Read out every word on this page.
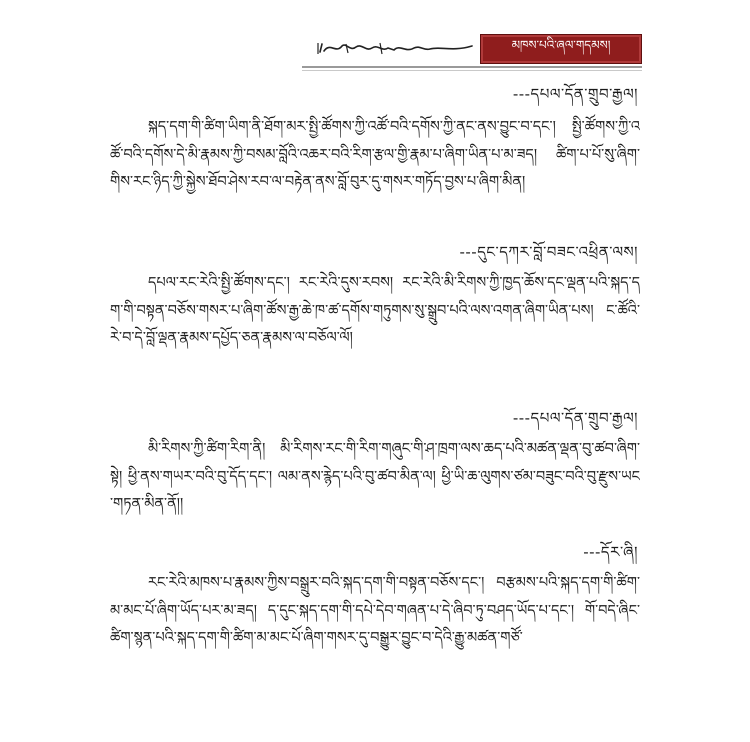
མཁས་པའི་ཞལ་གདམས།
---དཔལ་དོན་གྲུབ་རྒྱལ།
སྐད་དག་གི་ཚིག་ཡིག་ནི་ཐོག་མར་སྤྱི་ཚོགས་ཀྱི་འཚོ་བའི་དགོས་ཀྱི་ནང་ནས་བྱུང་བ་དང་། སྤྱི་ཚོགས་ཀྱི་འཚོ་བའི་དགོས་དེ་མི་རྣམས་ཀྱི་བསམ་བློའི་འཆར་བའི་རིག་རྩལ་གྱི་རྣམ་པ་ཞིག་ཡིན་པ་མ་ཟད། ཚིག་པ་པོ་སུ་ཞིག་གིས་རང་ཉིད་ཀྱི་སྐྱེས་ཐོབ་ཤེས་རབ་ལ་བརྟེན་ནས་བློ་བུར་དུ་གསར་གཏོད་བྱས་པ་ཞིག་མིན།
---དུང་དཀར་བློ་བཟང་འཕྲིན་ལས།
དཔལ་རང་རེའི་སྤྱི་ཚོགས་དང་། རང་རེའི་དུས་རབས། རང་རེའི་མི་རིགས་ཀྱི་ཁྱད་ཆོས་དང་ལྡན་པའི་སྐད་དག་གི་བསྟན་བཅོས་གསར་པ་ཞིག་ཚོས་རྒྱ་ཆེ་ཁ་ཚ་དགོས་གཏུགས་སུ་སྒྲུབ་པའི་ལས་འགན་ཞིག་ཡིན་པས། ང་ཚོའི་རེ་བ་དེ་བློ་ལྡན་རྣམས་དཔྱོད་ཅན་རྣམས་ལ་བཅོལ་ལོ།
---དཔལ་དོན་གྲུབ་རྒྱལ།
མི་རིགས་ཀྱི་ཚིག་རིག་ནི། མི་རིགས་རང་གི་རིག་གཞུང་གི་ཤ་ཁྲག་ལས་ཆད་པའི་མཚན་ལྡན་བུ་ཚབ་ཞིག་སྟེ། ཕྱི་ནས་གཡར་བའི་བུ་དོད་དང་། ལམ་ནས་རྙེད་པའི་བུ་ཚབ་མིན་ལ། ཕྱི་ཡི་ཆ་ལུགས་ཙམ་བཟུང་བའི་བུ་རྫུས་ཡང་གཏན་མིན་ནོ།།
---དོར་ཞི།
རང་རེའི་མཁས་པ་རྣམས་ཀྱིས་བསྒྲུར་བའི་སྐད་དག་གི་བསྟན་བཅོས་དང་། བརྩམས་པའི་སྐད་དག་གི་ཚིག་མ་མང་པོ་ཞིག་ཡོད་པར་མ་ཟད། ད་དུང་སྐད་དག་གི་དཔེ་དེབ་གཞན་པ་དེ་ཞིབ་ཏུ་བཤད་ཡོད་པ་དང་། གོ་བདེ་ཞིང་ཚིག་སྙན་པའི་སྐད་དག་གི་ཚིག་མ་མང་པོ་ཞིག་གསར་དུ་བསྒྱུར་བྱུང་བ་དེའི་རྒྱུ་མཚན་གཙོ་
